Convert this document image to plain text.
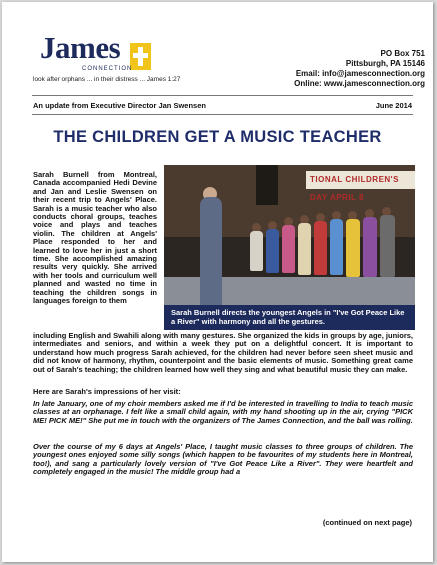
James
CONNECTION
look after orphans ... in their distress ... James 1:27
PO Box 751
Pittsburgh, PA 15146
Email: info@jamesconnection.org
Online: www.jamesconnection.org
An update from Executive Director Jan Swensen	June 2014
THE CHILDREN GET A MUSIC TEACHER
TIONAL CHILDREN'S DAY APRIL 8
Sarah Burnell directs the youngest Angels in "I've Got Peace Like a River" with harmony and all the gestures.
Sarah Burnell from Montreal, Canada accompanied Hedi Devine and Jan and Leslie Swensen on their recent trip to Angels' Place. Sarah is a music teacher who also conducts choral groups, teaches voice and plays and teaches violin. The children at Angels' Place responded to her and learned to love her in just a short time. She accomplished amazing results very quickly. She arrived with her tools and curriculum well planned and wasted no time in teaching the children songs in languages foreign to them
including English and Swahili along with many gestures. She organized the kids in groups by age, juniors, intermediates and seniors, and within a week they put on a delightful concert. It is important to understand how much progress Sarah achieved, for the children had never before seen sheet music and did not know of harmony, rhythm, counterpoint and the basic elements of music. Something great came out of Sarah's teaching; the children learned how well they sing and what beautiful music they can make.
Here are Sarah's impressions of her visit:
In late January, one of my choir members asked me if I'd be interested in travelling to India to teach music classes at an orphanage. I felt like a small child again, with my hand shooting up in the air, crying "PICK ME! PICK ME!" She put me in touch with the organizers of The James Connection, and the ball was rolling.
Over the course of my 6 days at Angels' Place, I taught music classes to three groups of children. The youngest ones enjoyed some silly songs (which happen to be favourites of my students here in Montreal, too!), and sang a particularly lovely version of "I've Got Peace Like a River". They were heartfelt and completely engaged in the music! The middle group had a
(continued on next page)
